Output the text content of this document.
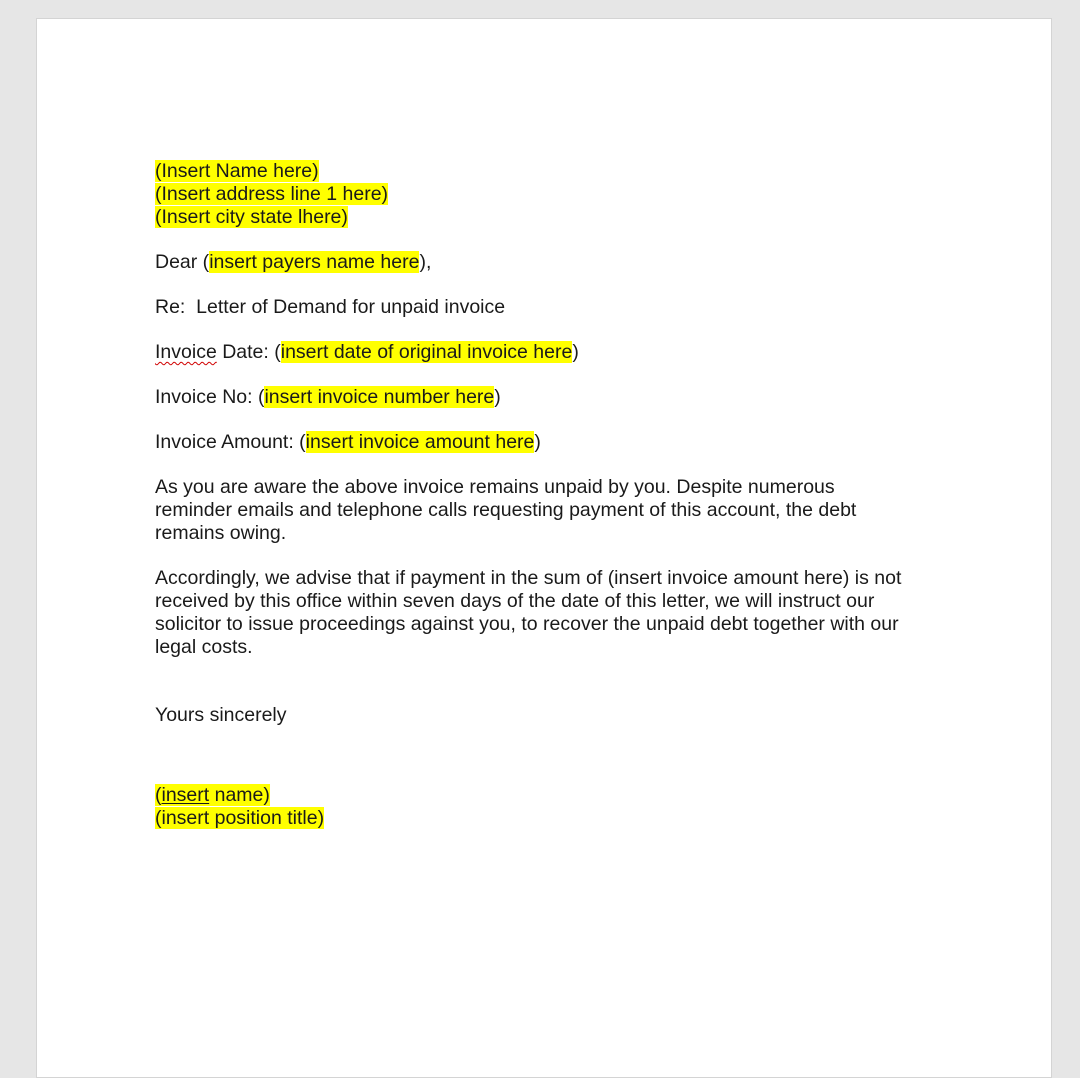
(Insert Name here)
(Insert address line 1 here)
(Insert city state lhere)
Dear (insert payers name here),
Re:  Letter of Demand for unpaid invoice
Invoice Date: (insert date of original invoice here)
Invoice No: (insert invoice number here)
Invoice Amount: (insert invoice amount here)
As you are aware the above invoice remains unpaid by you. Despite numerous
reminder emails and telephone calls requesting payment of this account, the debt
remains owing.
Accordingly, we advise that if payment in the sum of (insert invoice amount here) is not
received by this office within seven days of the date of this letter, we will instruct our
solicitor to issue proceedings against you, to recover the unpaid debt together with our
legal costs.
Yours sincerely
(insert name)
(insert position title)
